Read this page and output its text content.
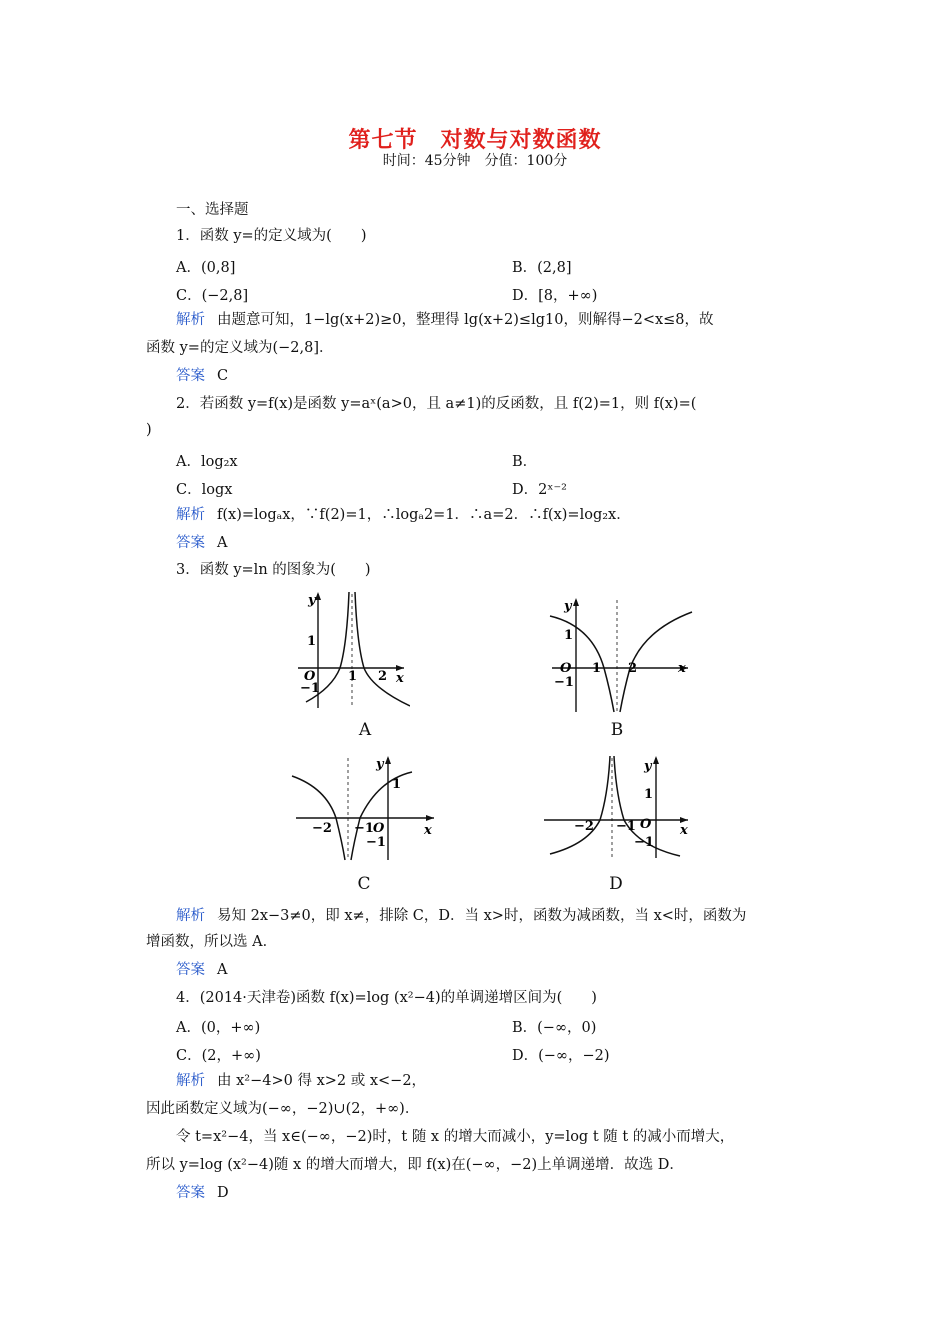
第七节　对数与对数函数
时间：45分钟　分值：100分
一、选择题
1．函数 y=的定义域为(　　)
A．(0,8]	B．(2,8]
C．(−2,8]	D．[8，+∞)
解析 由题意可知，1−lg(x+2)≥0，整理得 lg(x+2)≤lg10，则解得−2<x≤8，故
函数 y=的定义域为(−2,8]．
答案 C
2．若函数 y=f(x)是函数 y=aˣ(a>0，且 a≠1)的反函数，且 f(2)=1，则 f(x)=(
)
A．log₂x	B．
C．logx	D．2ˣ⁻²
解析 f(x)=logₐx，∵f(2)=1，∴logₐ2=1．∴a=2．∴f(x)=log₂x．
答案 A
3．函数 y=ln 的图象为(　　)
y
x
1
O
−1
1 2
A
y
x
1
O
−1
1 2
B
y
x
1
O
−1
−2 −1
C
y
x
1
O
−1
−2 −1
D
解析 易知 2x−3≠0，即 x≠，排除 C，D．当 x>时，函数为减函数，当 x<时，函数为
增函数，所以选 A．
答案 A
4．(2014·天津卷)函数 f(x)=log (x²−4)的单调递增区间为(　　)
A．(0，+∞)	B．(−∞，0)
C．(2，+∞)	D．(−∞，−2)
解析 由 x²−4>0 得 x>2 或 x<−2，
因此函数定义域为(−∞，−2)∪(2，+∞)．
令 t=x²−4，当 x∈(−∞，−2)时，t 随 x 的增大而减小，y=log t 随 t 的减小而增大，
所以 y=log (x²−4)随 x 的增大而增大，即 f(x)在(−∞，−2)上单调递增．故选 D．
答案 D
